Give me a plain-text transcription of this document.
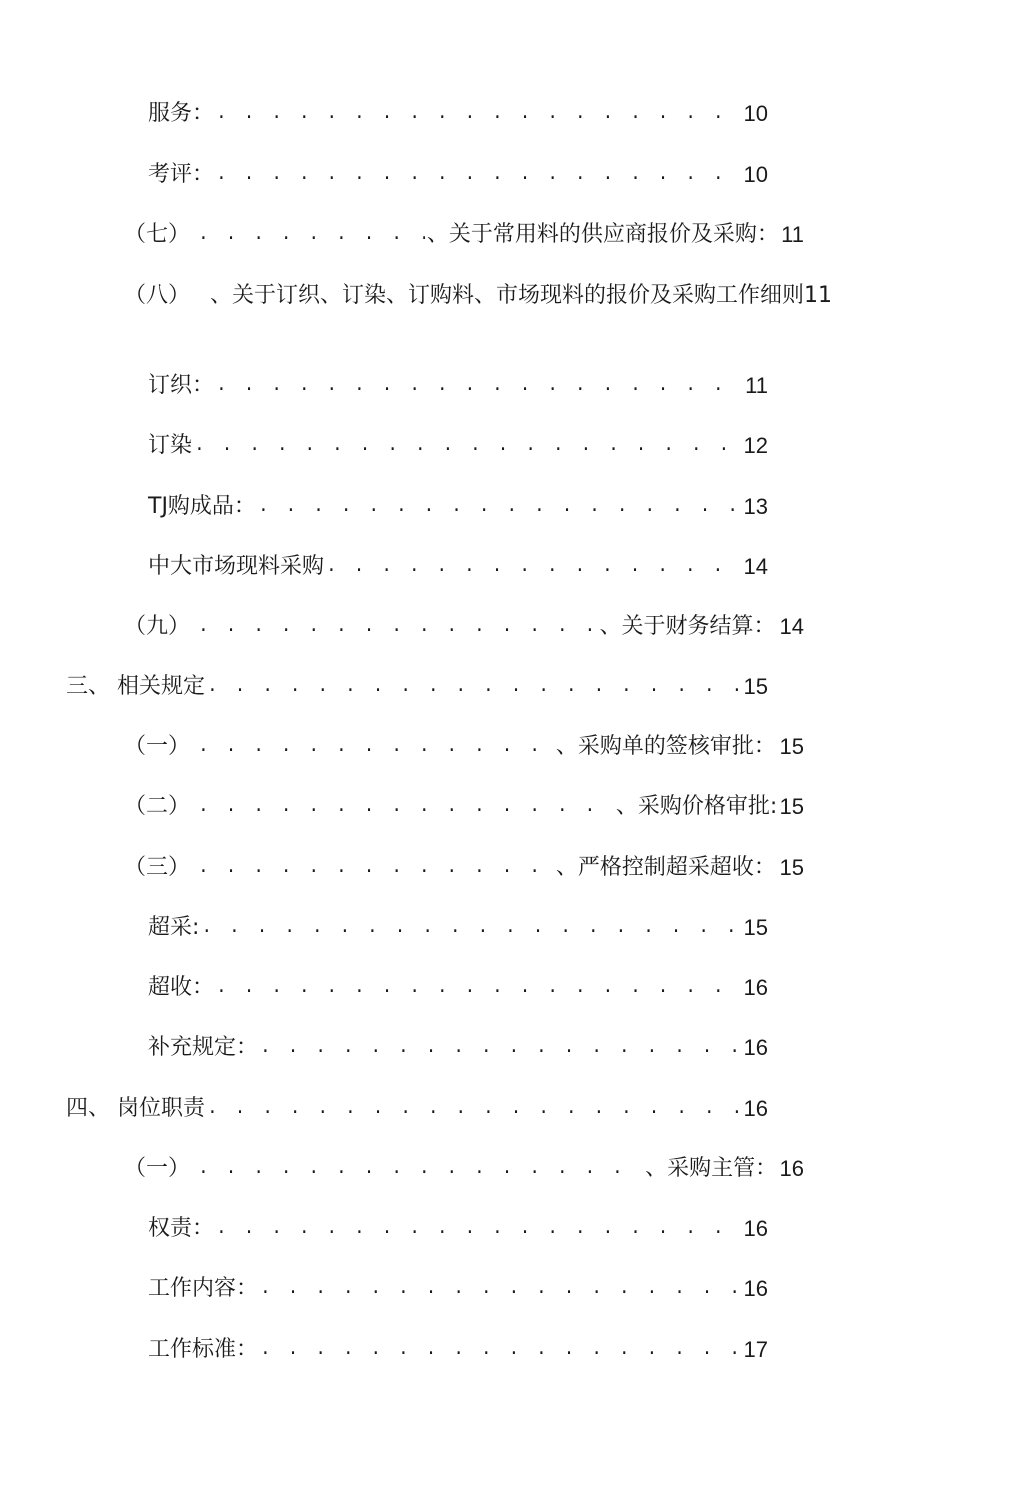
服务： . . .	10
考评： . . .	10
（七） . . .	、关于常用料的供应商报价及采购： 11
（八） 、关于订织、订染、订购料、市场现料的报价及采购工作细则11
订织： . . .	11
订染 . . .	12
TJ购成品： . . .	13
中大市场现料采购 . . .	14
（九） . . .	、关于财务结算： 14
三、 相关规定 . . .	15
（一） . . .	、采购单的签核审批： 15
（二） . . .	、采购价格审批: 15
（三） . . .	、严格控制超采超收： 15
超采: . . .	15
超收： . . .	16
补充规定： . . .	16
四、 岗位职责 . . .	16
（一） . . .	、采购主管： 16
权责： . . .	16
工作内容： . . .	16
工作标准： . . .	17
